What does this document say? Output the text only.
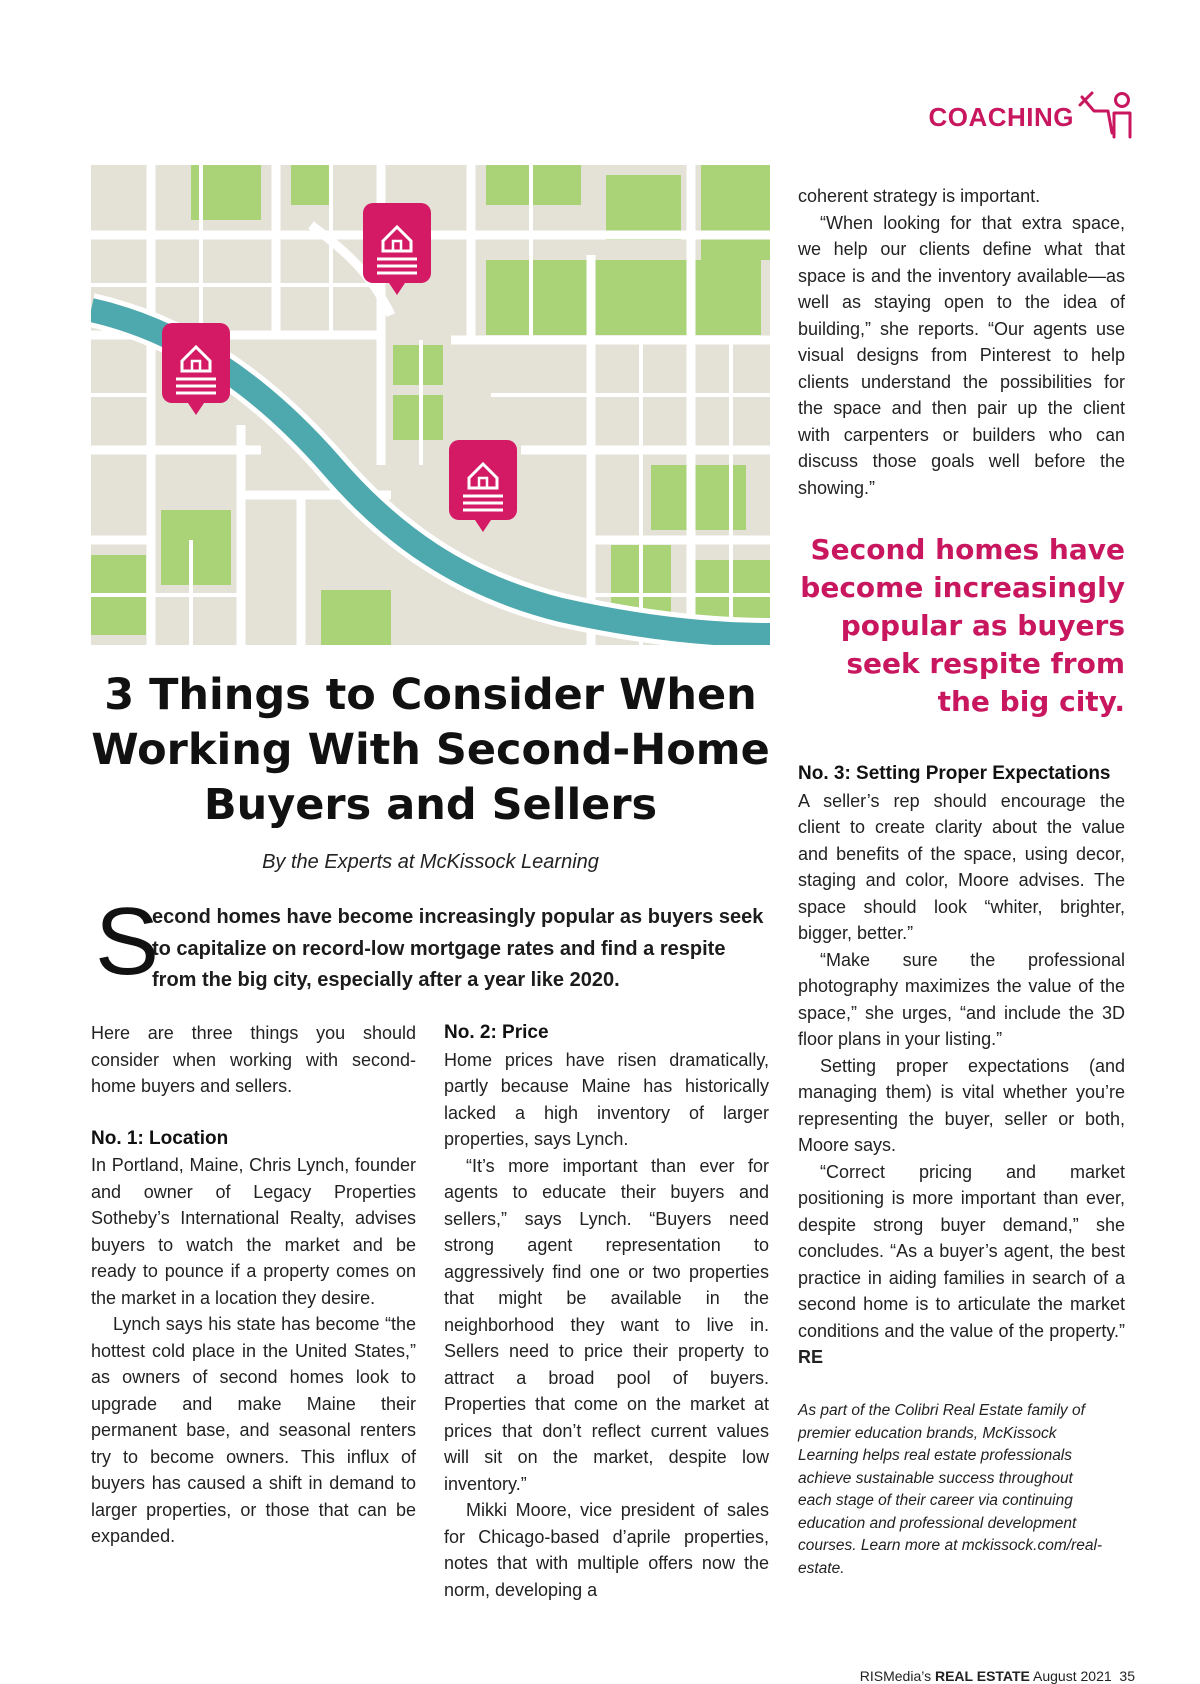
COACHING
3 Things to Consider When Working With Second-Home Buyers and Sellers
By the Experts at McKissock Learning
S

econd homes have become increasingly popular as buyers seek to capitalize on record-low mortgage rates and find a respite from the big city, especially after a year like 2020.

Here are three things you should consider when working with second-home buyers and sellers.

No. 1: Location

In Portland, Maine, Chris Lynch, founder and owner of Legacy Properties Sotheby’s International Realty, advises buyers to watch the market and be ready to pounce if a property comes on the market in a location they desire.

Lynch says his state has become “the hottest cold place in the United States,” as owners of second homes look to upgrade and make Maine their permanent base, and seasonal renters try to become owners. This influx of buyers has caused a shift in demand to larger properties, or those that can be expanded.

No. 2: Price

Home prices have risen dramatically, partly because Maine has historically lacked a high inventory of larger properties, says Lynch.

“It’s more important than ever for agents to educate their buyers and sellers,” says Lynch. “Buyers need strong agent representation to aggressively find one or two properties that might be available in the neighborhood they want to live in. Sellers need to price their property to attract a broad pool of buyers. Properties that come on the market at prices that don’t reflect current values will sit on the market, despite low inventory.”

Mikki Moore, vice president of sales for Chicago-based d’aprile properties, notes that with multiple offers now the norm, developing a

coherent strategy is important.

“When looking for that extra space, we help our clients define what that space is and the inventory available—as well as staying open to the idea of building,” she reports. “Our agents use visual designs from Pinterest to help clients understand the possibilities for the space and then pair up the client with carpenters or builders who can discuss those goals well before the showing.”

Second homes have become increasingly popular as buyers seek respite from the big city.
No. 3: Setting Proper Expectations

A seller’s rep should encourage the client to create clarity about the value and benefits of the space, using decor, staging and color, Moore advises. The space should look “whiter, brighter, bigger, better.”

“Make sure the professional photography maximizes the value of the space,” she urges, “and include the 3D floor plans in your listing.”

Setting proper expectations (and managing them) is vital whether you’re representing the buyer, seller or both, Moore says.

“Correct pricing and market positioning is more important than ever, despite strong buyer demand,” she concludes. “As a buyer’s agent, the best practice in aiding families in search of a second home is to articulate the market conditions and the value of the property.” RE

As part of the Colibri Real Estate family of premier education brands, McKissock Learning helps real estate professionals achieve sustainable success throughout each stage of their career via continuing education and professional development courses. Learn more at mckissock.com/real-estate.
RISMedia’s REAL ESTATE August 2021 35
